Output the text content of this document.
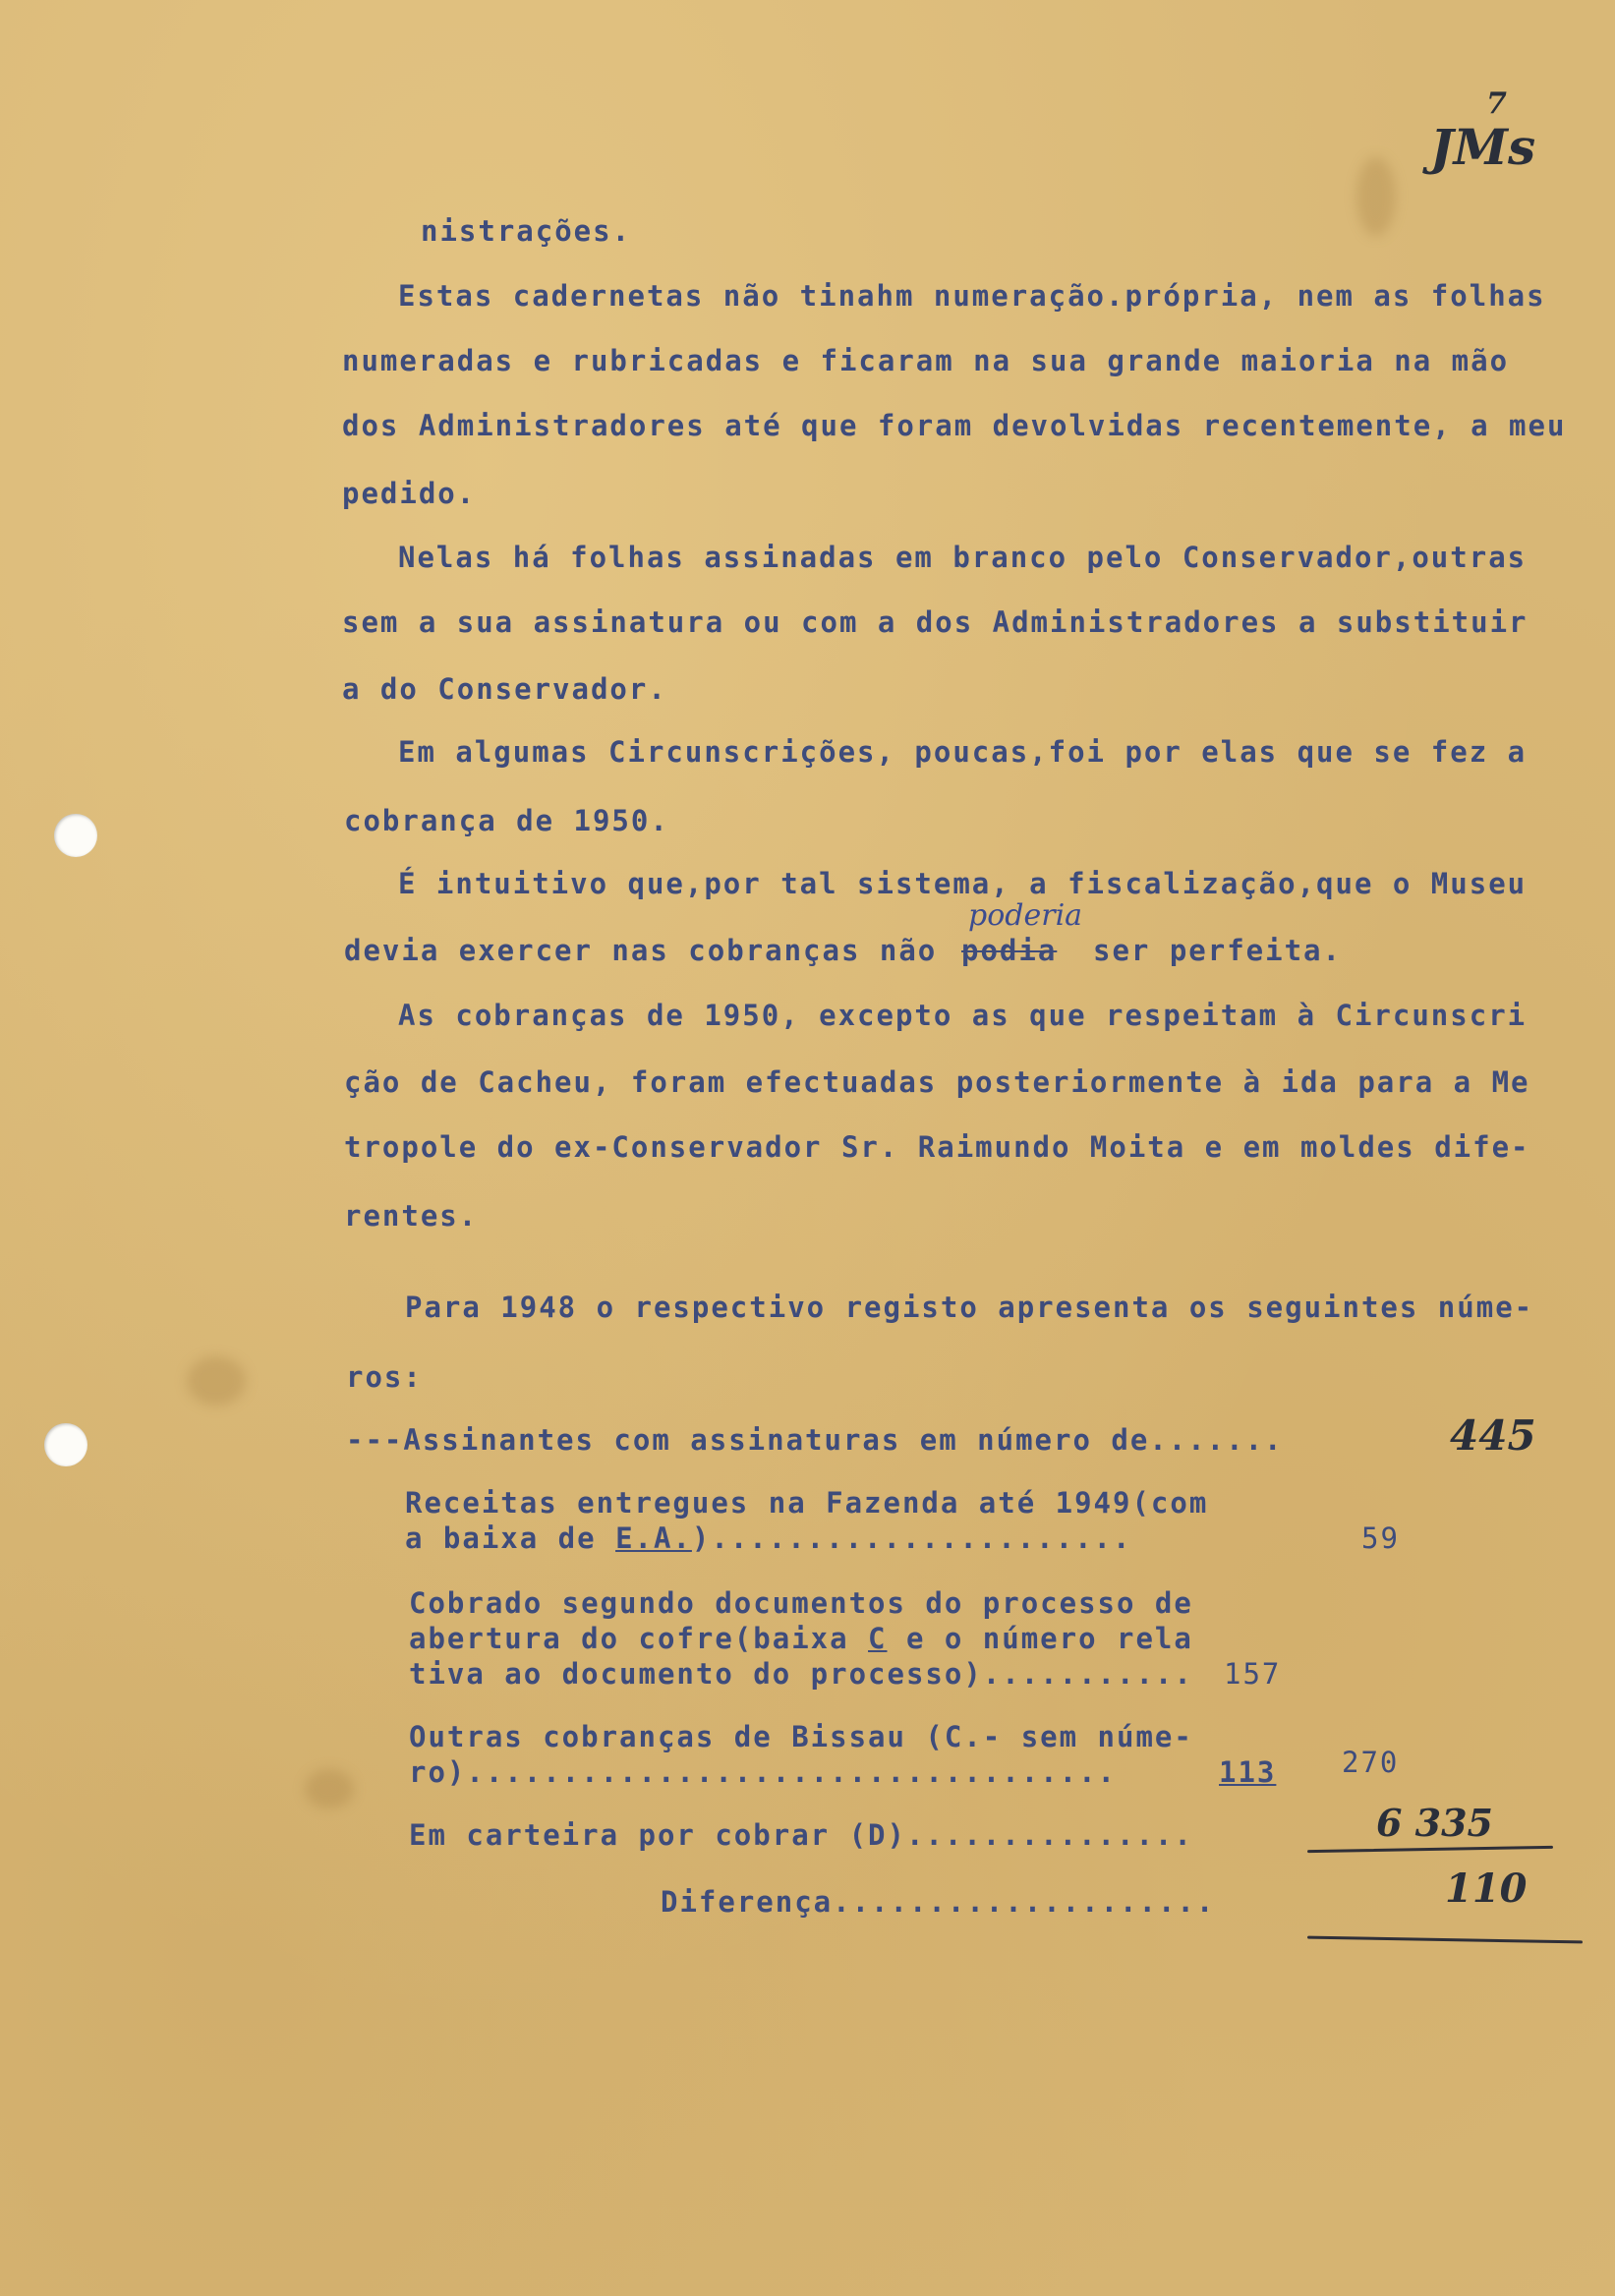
7
JMs
nistrações.
Estas cadernetas não tinahm numeração.própria, nem as folhas
numeradas e rubricadas e ficaram na sua grande maioria na mão
dos Administradores até que foram devolvidas recentemente, a meu
pedido.
Nelas há folhas assinadas em branco pelo Conservador,outras
sem a sua assinatura ou com a dos Administradores a substituir
a do Conservador.
Em algumas Circunscrições, poucas,foi por elas que se fez a
cobrança de 1950.
É intuitivo que,por tal sistema, a fiscalização,que o Museu
devia exercer nas cobranças não podia ser perfeita.
poderia
As cobranças de 1950, excepto as que respeitam à Circunscri
ção de Cacheu, foram efectuadas posteriormente à ida para a Me
tropole do ex-Conservador Sr. Raimundo Moita e em moldes dife-
rentes.
Para 1948 o respectivo registo apresenta os seguintes núme-
ros:
---Assinantes com assinaturas em número de.......	445
Receitas entregues na Fazenda até 1949(com
a baixa de E.A.)......................	59
Cobrado segundo documentos do processo de
abertura do cofre(baixa C e o número rela
tiva ao documento do processo)........... 157
Outras cobranças de Bissau (C.- sem núme-
ro)..................................	113 270
Em carteira por cobrar (D)...............	6 335
Diferença....................	110
